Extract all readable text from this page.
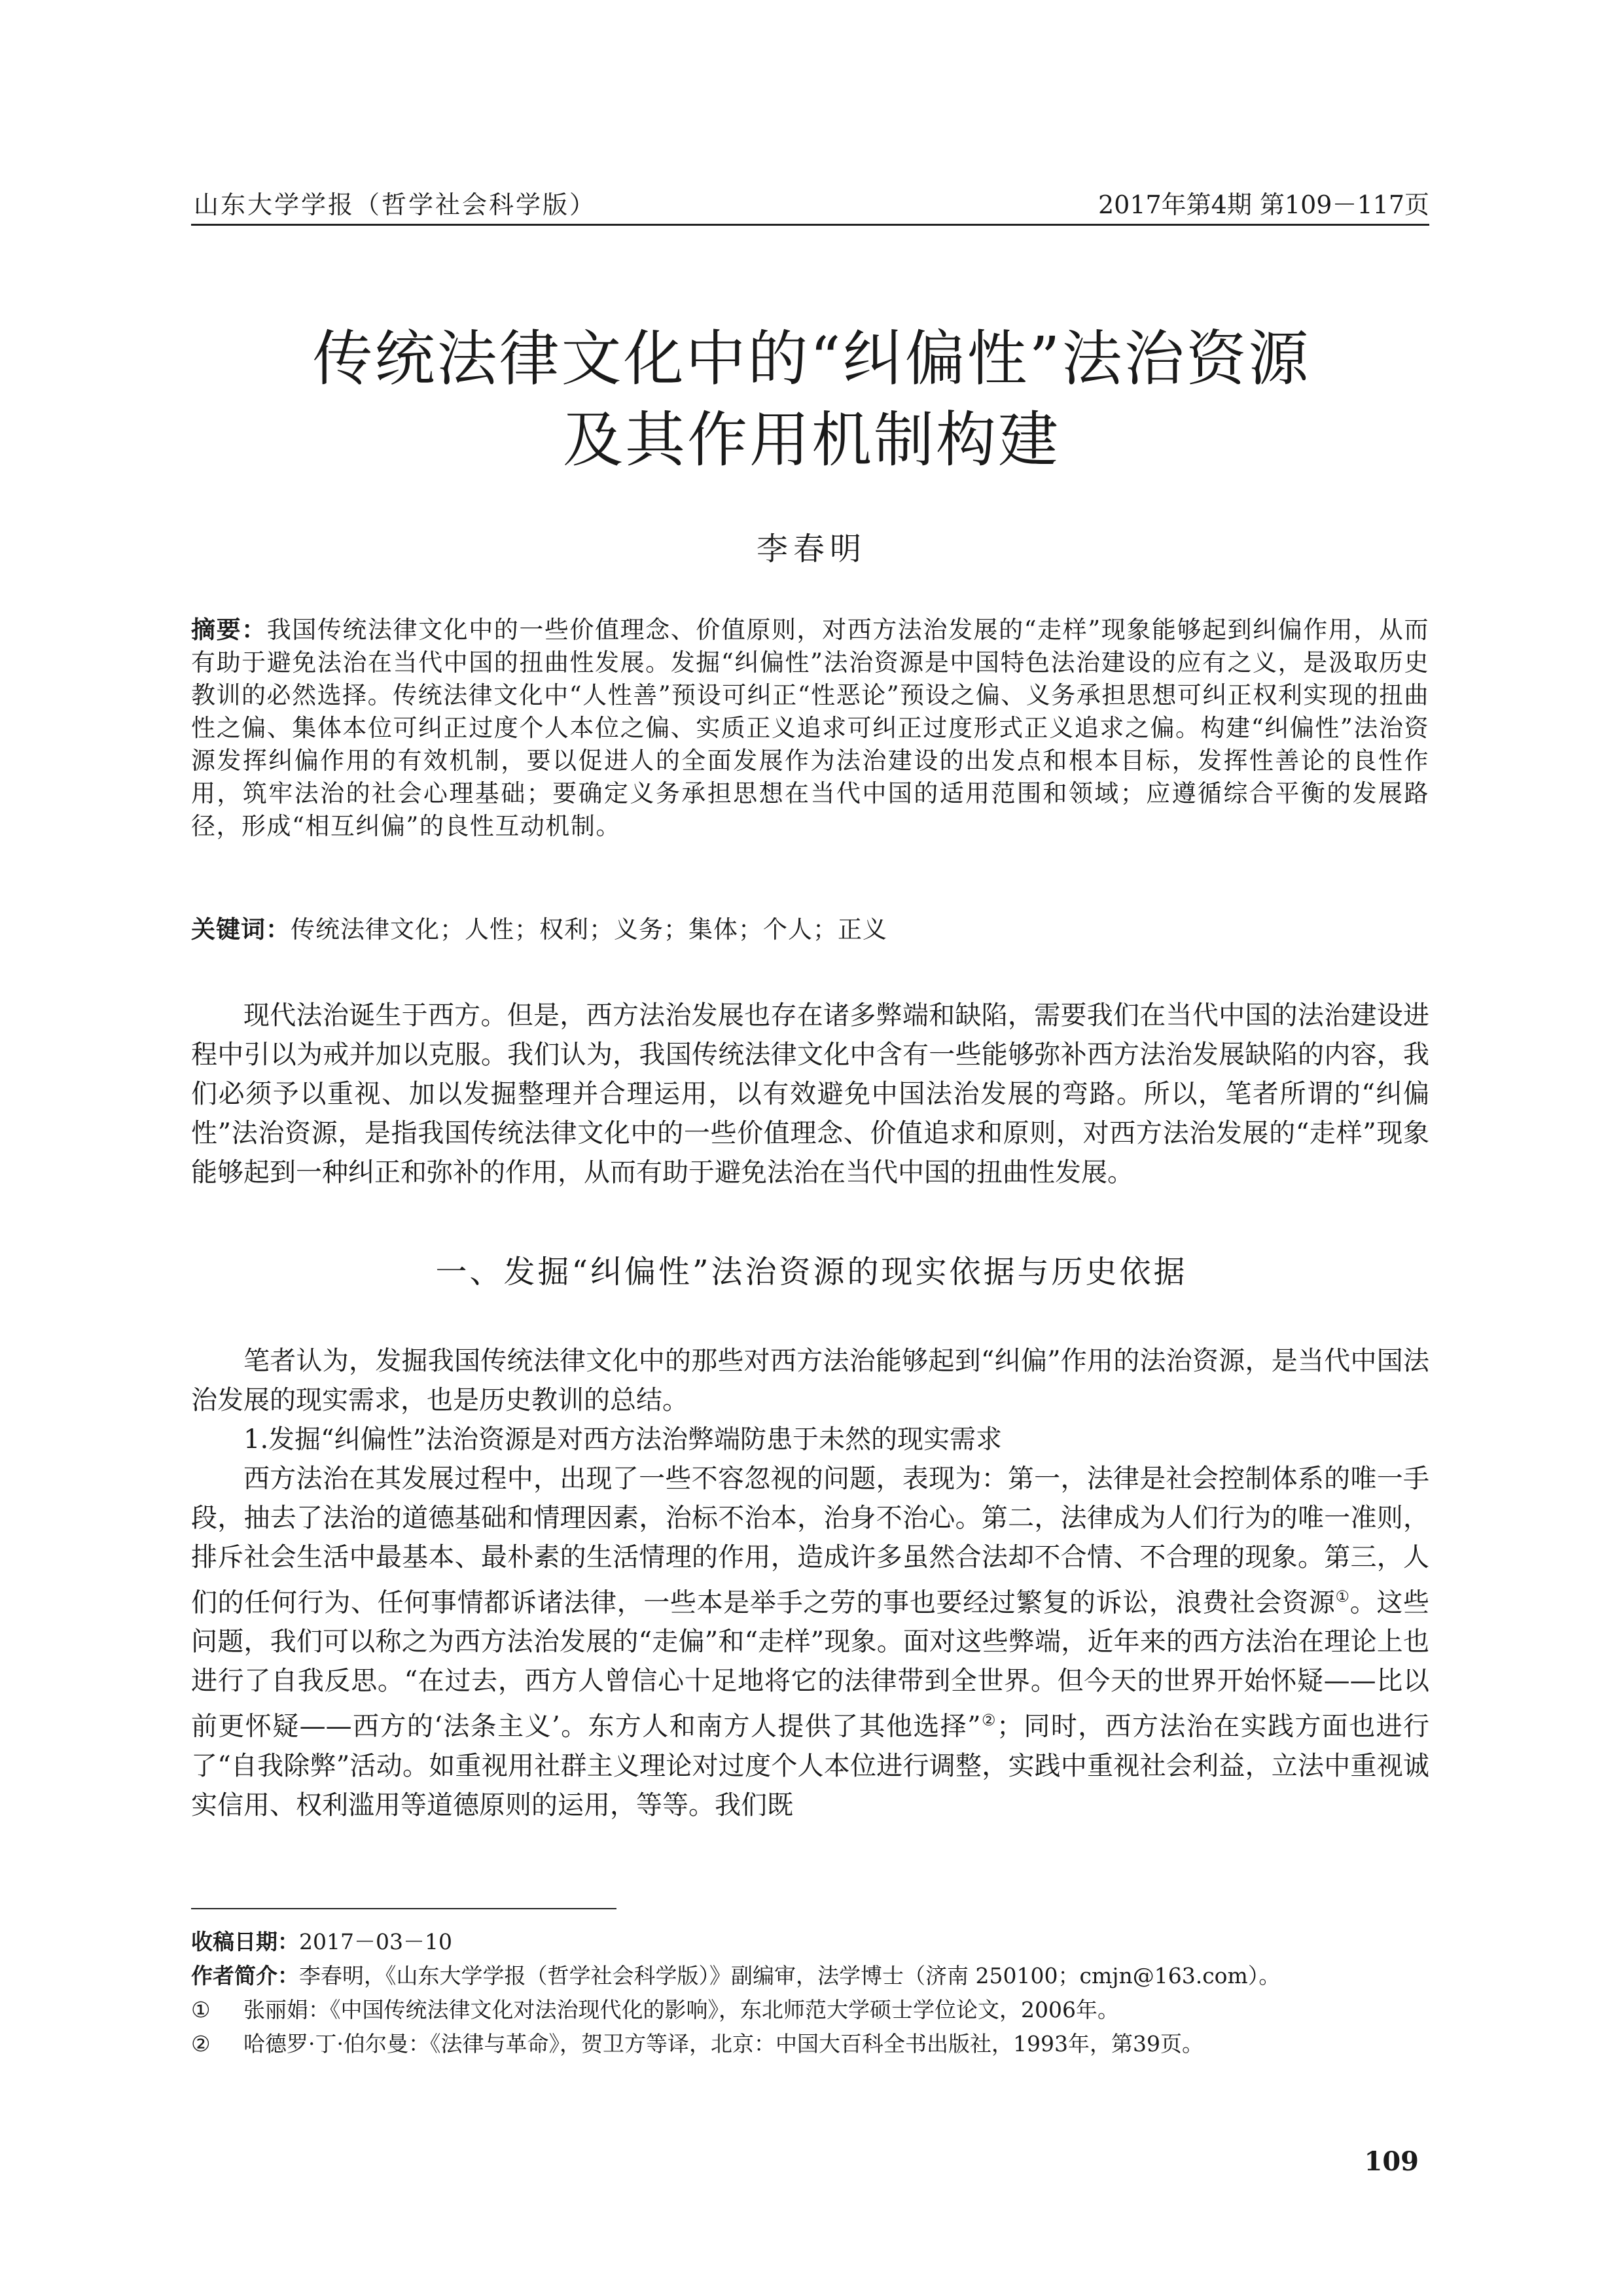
山东大学学报（哲学社会科学版）	2017年第4期 第109－117页
传统法律文化中的“纠偏性”法治资源
及其作用机制构建
李春明
摘要：我国传统法律文化中的一些价值理念、价值原则，对西方法治发展的“走样”现象能够起到纠偏作用，从而有助于避免法治在当代中国的扭曲性发展。发掘“纠偏性”法治资源是中国特色法治建设的应有之义，是汲取历史教训的必然选择。传统法律文化中“人性善”预设可纠正“性恶论”预设之偏、义务承担思想可纠正权利实现的扭曲性之偏、集体本位可纠正过度个人本位之偏、实质正义追求可纠正过度形式正义追求之偏。构建“纠偏性”法治资源发挥纠偏作用的有效机制，要以促进人的全面发展作为法治建设的出发点和根本目标，发挥性善论的良性作用，筑牢法治的社会心理基础；要确定义务承担思想在当代中国的适用范围和领域；应遵循综合平衡的发展路径，形成“相互纠偏”的良性互动机制。
关键词：传统法律文化；人性；权利；义务；集体；个人；正义

现代法治诞生于西方。但是，西方法治发展也存在诸多弊端和缺陷，需要我们在当代中国的法治建设进程中引以为戒并加以克服。我们认为，我国传统法律文化中含有一些能够弥补西方法治发展缺陷的内容，我们必须予以重视、加以发掘整理并合理运用，以有效避免中国法治发展的弯路。所以，笔者所谓的“纠偏性”法治资源，是指我国传统法律文化中的一些价值理念、价值追求和原则，对西方法治发展的“走样”现象能够起到一种纠正和弥补的作用，从而有助于避免法治在当代中国的扭曲性发展。

一、发掘“纠偏性”法治资源的现实依据与历史依据

笔者认为，发掘我国传统法律文化中的那些对西方法治能够起到“纠偏”作用的法治资源，是当代中国法治发展的现实需求，也是历史教训的总结。

1.发掘“纠偏性”法治资源是对西方法治弊端防患于未然的现实需求

西方法治在其发展过程中，出现了一些不容忽视的问题，表现为：第一，法律是社会控制体系的唯一手段，抽去了法治的道德基础和情理因素，治标不治本，治身不治心。第二，法律成为人们行为的唯一准则，排斥社会生活中最基本、最朴素的生活情理的作用，造成许多虽然合法却不合情、不合理的现象。第三，人们的任何行为、任何事情都诉诸法律，一些本是举手之劳的事也要经过繁复的诉讼，浪费社会资源①。这些问题，我们可以称之为西方法治发展的“走偏”和“走样”现象。面对这些弊端，近年来的西方法治在理论上也进行了自我反思。“在过去，西方人曾信心十足地将它的法律带到全世界。但今天的世界开始怀疑——比以前更怀疑——西方的‘法条主义’。东方人和南方人提供了其他选择”②；同时，西方法治在实践方面也进行了“自我除弊”活动。如重视用社群主义理论对过度个人本位进行调整，实践中重视社会利益，立法中重视诚实信用、权利滥用等道德原则的运用，等等。我们既

收稿日期：2017－03－10
作者简介：李春明，《山东大学学报（哲学社会科学版）》副编审，法学博士（济南 250100；cmjn@163.com）。
① 张丽娟：《中国传统法律文化对法治现代化的影响》，东北师范大学硕士学位论文，2006年。
② 哈德罗·丁·伯尔曼：《法律与革命》，贺卫方等译，北京：中国大百科全书出版社，1993年，第39页。
109
